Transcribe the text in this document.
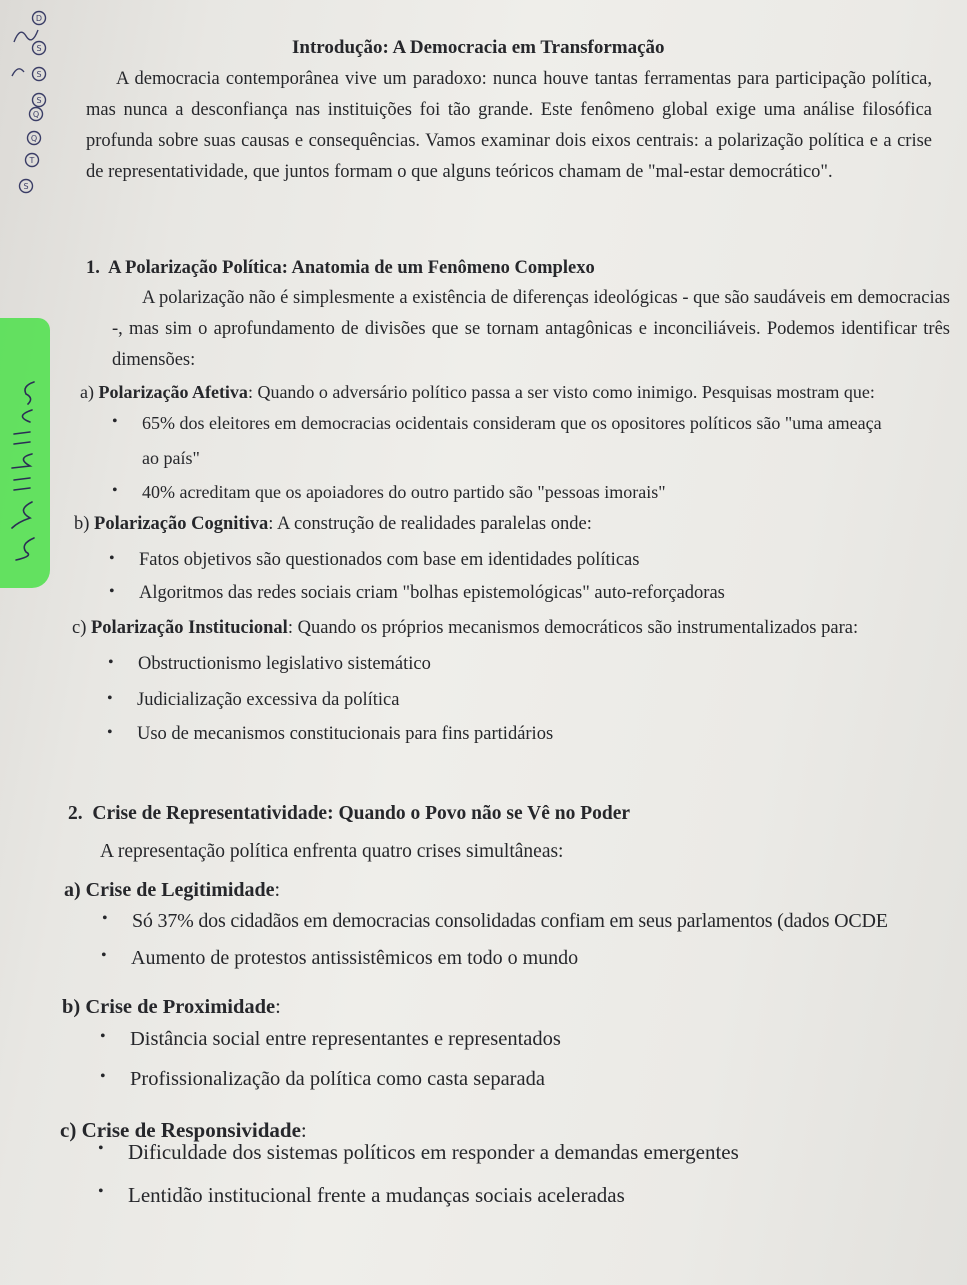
D
S
S
S
Q
Q
T
S
Introdução: A Democracia em Transformação

A democracia contemporânea vive um paradoxo: nunca houve tantas ferramentas para participação política, mas nunca a desconfiança nas instituições foi tão grande. Este fenômeno global exige uma análise filosófica profunda sobre suas causas e consequências. Vamos examinar dois eixos centrais: a polarização política e a crise de representatividade, que juntos formam o que alguns teóricos chamam de "mal-estar democrático".

1. A Polarização Política: Anatomia de um Fenômeno Complexo

A polarização não é simplesmente a existência de diferenças ideológicas - que são saudáveis em democracias -, mas sim o aprofundamento de divisões que se tornam antagônicas e inconciliáveis. Podemos identificar três dimensões:

a) Polarização Afetiva: Quando o adversário político passa a ser visto como inimigo. Pesquisas mostram que:
• 65% dos eleitores em democracias ocidentais consideram que os opositores políticos são "uma ameaça
ao país"
• 40% acreditam que os apoiadores do outro partido são "pessoas imorais"
b) Polarização Cognitiva: A construção de realidades paralelas onde:
• Fatos objetivos são questionados com base em identidades políticas
• Algoritmos das redes sociais criam "bolhas epistemológicas" auto-reforçadoras
c) Polarização Institucional: Quando os próprios mecanismos democráticos são instrumentalizados para:
• Obstructionismo legislativo sistemático
• Judicialização excessiva da política
• Uso de mecanismos constitucionais para fins partidários
2. Crise de Representatividade: Quando o Povo não se Vê no Poder
A representação política enfrenta quatro crises simultâneas:
a) Crise de Legitimidade:
• Só 37% dos cidadãos em democracias consolidadas confiam em seus parlamentos (dados OCDE
• Aumento de protestos antissistêmicos em todo o mundo
b) Crise de Proximidade:
• Distância social entre representantes e representados
• Profissionalização da política como casta separada
c) Crise de Responsividade:
• Dificuldade dos sistemas políticos em responder a demandas emergentes
• Lentidão institucional frente a mudanças sociais aceleradas
